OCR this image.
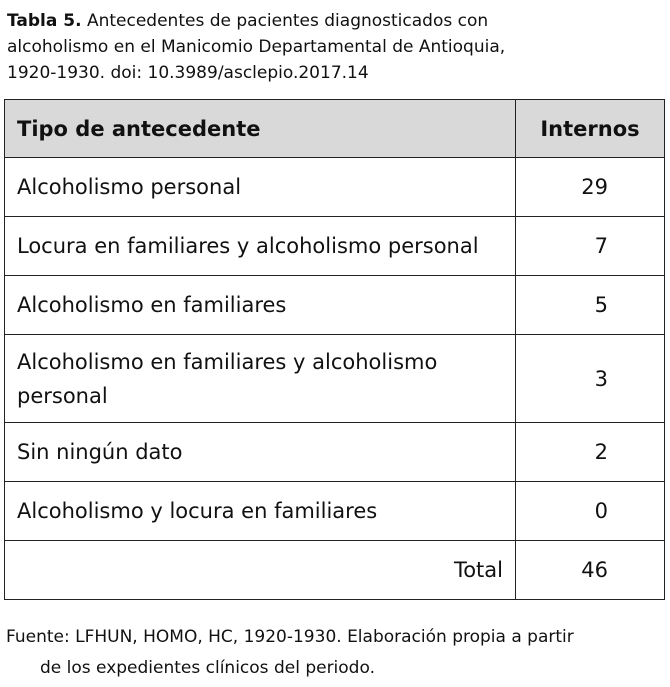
Tabla 5. Antecedentes de pacientes diagnosticados con
alcoholismo en el Manicomio Departamental de Antioquia,
1920-1930. doi: 10.3989/asclepio.2017.14
Tipo de antecedente	Internos
Alcoholismo personal	29
Locura en familiares y alcoholismo personal	7
Alcoholismo en familiares	5
Alcoholismo en familiares y alcoholismo personal	3
Sin ningún dato	2
Alcoholismo y locura en familiares	0
Total	46
Fuente: LFHUN, HOMO, HC, 1920-1930. Elaboración propia a partir
de los expedientes clínicos del periodo.
